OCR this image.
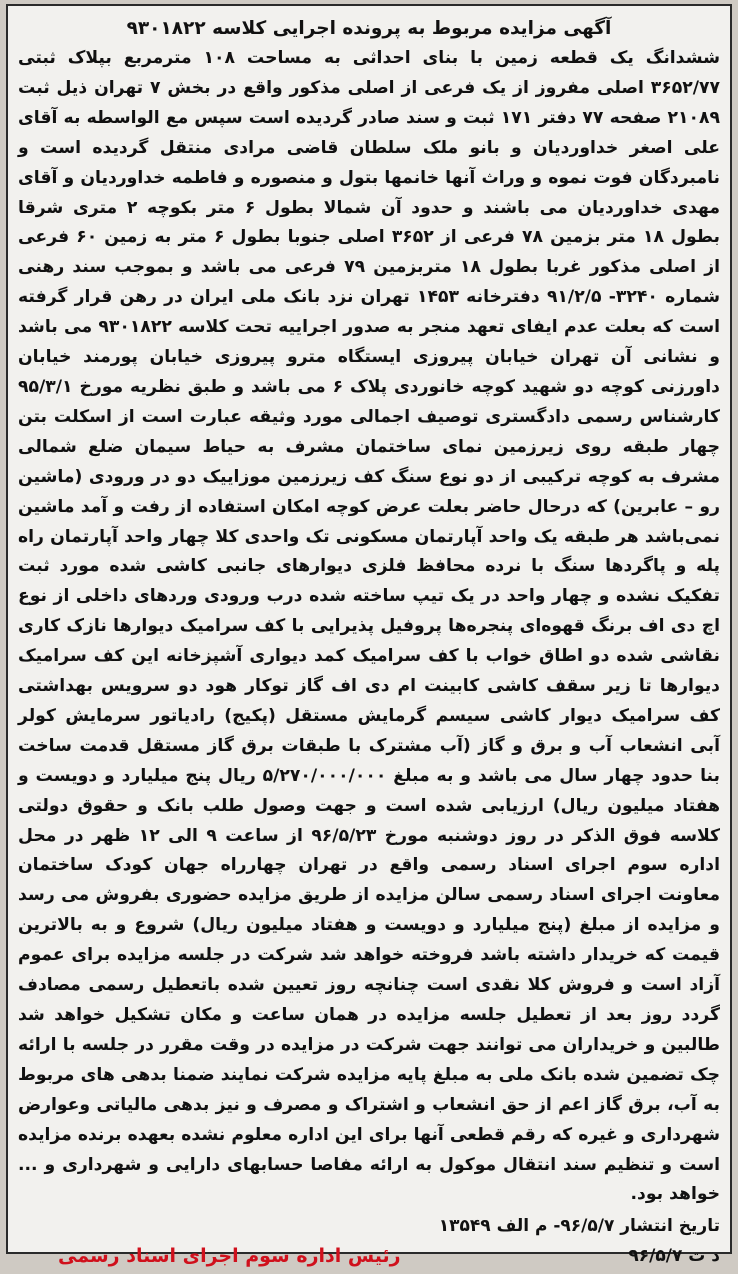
آگهی مزایده مربوط به پرونده اجرایی کلاسه ۹۳۰۱۸۲۲

ششدانگ یک قطعه زمین با بنای احداثی به مساحت ۱۰۸ مترمربع بپلاک ثبتی ۳۶۵۲/۷۷ اصلی مفروز از یک فرعی از اصلی مذکور واقع در بخش ۷ تهران ذیل ثبت ۲۱۰۸۹ صفحه ۷۷ دفتر ۱۷۱ ثبت و سند صادر گردیده است سپس مع الواسطه به آقای علی اصغر خداوردیان و بانو ملک سلطان قاضی مرادی منتقل گردیده است و نامبردگان فوت نموه و وراث آنها خانمها بتول و منصوره و فاطمه خداوردیان و آقای مهدی خداوردیان می باشند و حدود آن شمالا بطول ۶ متر بکوچه ۲ متری شرقا بطول ۱۸ متر بزمین ۷۸ فرعی از ۳۶۵۲ اصلی جنوبا بطول ۶ متر به زمین ۶۰ فرعی از اصلی مذکور غربا بطول ۱۸ متربزمین ۷۹ فرعی می باشد و بموجب سند رهنی شماره ۳۲۴۰- ۹۱/۲/۵ دفترخانه ۱۴۵۳ تهران نزد بانک ملی ایران در رهن قرار گرفته است که بعلت عدم ایفای تعهد منجر به صدور اجراییه تحت کلاسه ۹۳۰۱۸۲۲ می باشد و نشانی آن تهران خیابان پیروزی ایستگاه مترو پیروزی خیابان پورمند خیابان داورزنی کوچه دو شهید کوچه خانوردی پلاک ۶ می باشد و طبق نظریه مورخ ۹۵/۳/۱ کارشناس رسمی دادگستری توصیف اجمالی مورد وثیقه عبارت است از اسکلت بتن چهار طبقه روی زیرزمین نمای ساختمان مشرف به حیاط سیمان ضلع شمالی مشرف به کوچه ترکیبی از دو نوع سنگ کف زیرزمین موزاییک دو در ورودی (ماشین رو – عابرین) که درحال حاضر بعلت عرض کوچه امکان استفاده از رفت و آمد ماشین نمی‌باشد هر طبقه یک واحد آپارتمان مسکونی تک واحدی کلا چهار واحد آپارتمان راه پله و پاگردها سنگ با نرده محافظ فلزی دیوارهای جانبی کاشی شده مورد ثبت تفکیک نشده و چهار واحد در یک تیپ ساخته شده درب ورودی وردهای داخلی از نوع اچ دی اف برنگ قهوه‌ای پنجره‌ها پروفیل پذیرایی با کف سرامیک دیوارها نازک کاری نقاشی شده دو اطاق خواب با کف سرامیک کمد دیواری آشپزخانه این کف سرامیک دیوارها تا زیر سقف کاشی کابینت ام دی اف گاز توکار هود دو سرویس بهداشتی کف سرامیک دیوار کاشی سیسم گرمایش مستقل (پکیج) رادیاتور سرمایش کولر آبی انشعاب آب و برق و گاز (آب مشترک با طبقات برق گاز مستقل قدمت ساخت بنا حدود چهار سال می باشد و به مبلغ ۵/۲۷۰/۰۰۰/۰۰۰ ریال پنج میلیارد و دویست و هفتاد میلیون ریال) ارزیابی شده است و جهت وصول طلب بانک و حقوق دولتی کلاسه فوق الذکر در روز دوشنبه مورخ ۹۶/۵/۲۳ از ساعت ۹ الی ۱۲ ظهر در محل اداره سوم اجرای اسناد رسمی واقع در تهران چهارراه جهان کودک ساختمان معاونت اجرای اسناد رسمی سالن مزایده از طریق مزایده حضوری بفروش می رسد و مزایده از مبلغ (پنج میلیارد و دویست و هفتاد میلیون ریال) شروع و به بالاترین قیمت که خریدار داشته باشد فروخته خواهد شد شرکت در جلسه مزایده برای عموم آزاد است و فروش کلا نقدی است چنانچه روز تعیین شده باتعطیل رسمی مصادف گردد روز بعد از تعطیل جلسه مزایده در همان ساعت و مکان تشکیل خواهد شد طالبین و خریداران می توانند جهت شرکت در مزایده در وقت مقرر در جلسه با ارائه چک تضمین شده بانک ملی به مبلغ پایه مزایده شرکت نمایند ضمنا بدهی های مربوط به آب، برق گاز اعم از حق انشعاب و اشتراک و مصرف و نیز بدهی مالیاتی وعوارض شهرداری و غیره که رقم قطعی آنها برای این اداره معلوم نشده بعهده برنده مزایده است و تنظیم سند انتقال موکول به ارائه مفاصا حسابهای دارایی و شهرداری و ... خواهد بود.

تاریخ انتشار ۹۶/۵/۷- م الف ۱۳۵۴۹
د ت ۹۶/۵/۷
رئیس اداره سوم اجرای اسناد رسمی
